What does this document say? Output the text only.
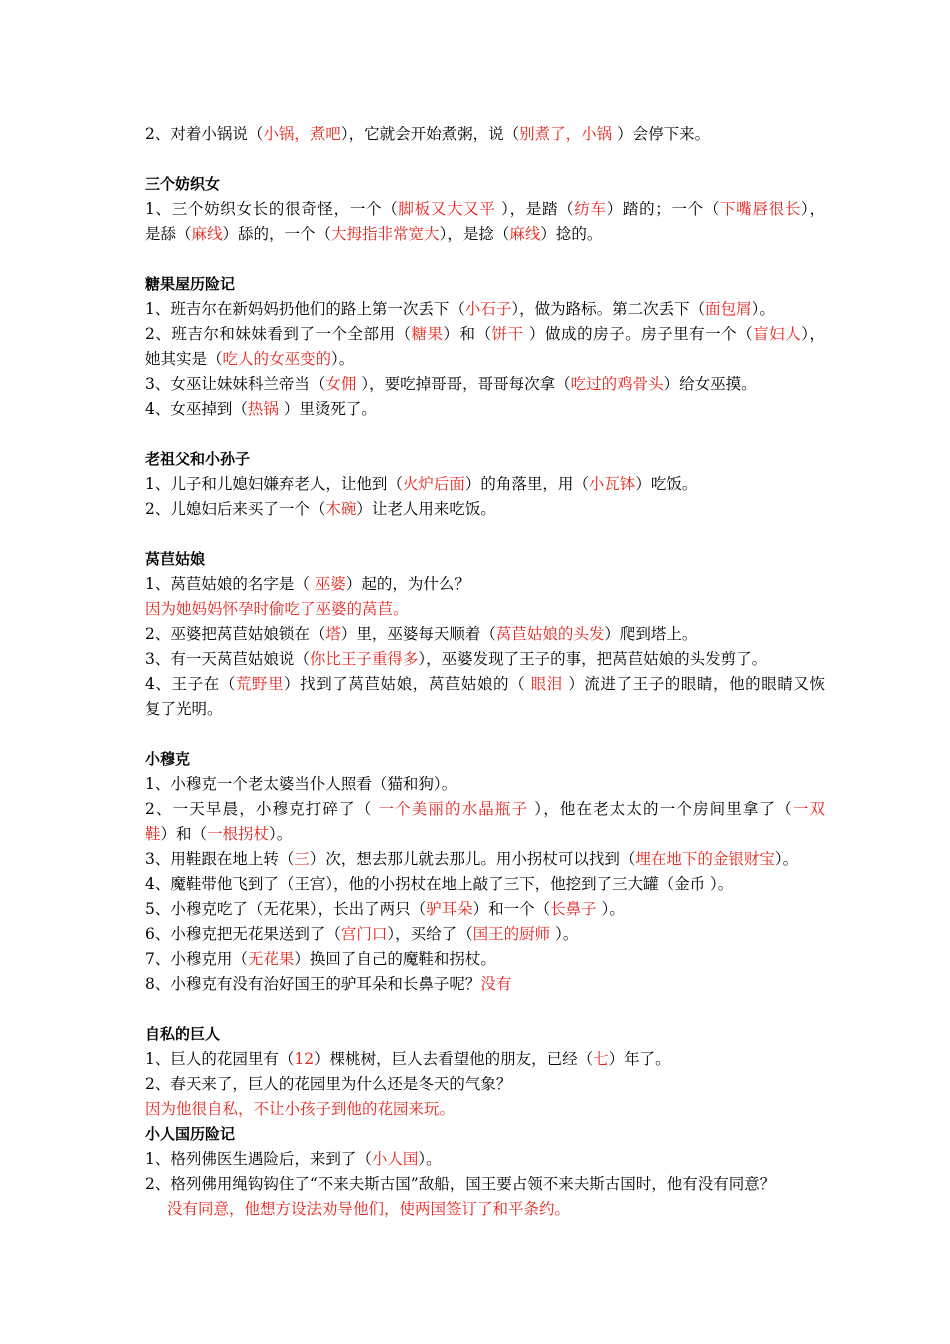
2、对着小锅说（小锅，煮吧），它就会开始煮粥，说（别煮了，小锅 ）会停下来。
三个妨织女
1、三个妨织女长的很奇怪，一个（脚板又大又平 ），是踏（纺车）踏的；一个（下嘴唇很长），
是舔（麻线）舔的，一个（大拇指非常宽大），是捻（麻线）捻的。
糖果屋历险记
1、班吉尔在新妈妈扔他们的路上第一次丢下（小石子），做为路标。第二次丢下（面包屑）。
2、班吉尔和妹妹看到了一个全部用（糖果）和（饼干 ）做成的房子。房子里有一个（盲妇人），
她其实是（吃人的女巫变的）。
3、女巫让妹妹科兰帝当（女佣 ），要吃掉哥哥，哥哥每次拿（吃过的鸡骨头）给女巫摸。
4、女巫掉到（热锅 ）里烫死了。
老祖父和小孙子
1、儿子和儿媳妇嫌弃老人，让他到（火炉后面）的角落里，用（小瓦钵）吃饭。
2、儿媳妇后来买了一个（木碗）让老人用来吃饭。
莴苣姑娘
1、莴苣姑娘的名字是（ 巫婆）起的，为什么？
因为她妈妈怀孕时偷吃了巫婆的莴苣。
2、巫婆把莴苣姑娘锁在（塔）里，巫婆每天顺着（莴苣姑娘的头发）爬到塔上。
3、有一天莴苣姑娘说（你比王子重得多），巫婆发现了王子的事，把莴苣姑娘的头发剪了。
4、王子在（荒野里）找到了莴苣姑娘，莴苣姑娘的（ 眼泪 ）流进了王子的眼睛，他的眼睛又恢
复了光明。
小穆克
1、小穆克一个老太婆当仆人照看（猫和狗）。
2、一天早晨，小穆克打碎了（ 一个美丽的水晶瓶子 ），他在老太太的一个房间里拿了（一双
鞋）和（一根拐杖）。
3、用鞋跟在地上转（三）次，想去那儿就去那儿。用小拐杖可以找到（埋在地下的金银财宝）。
4、魔鞋带他飞到了（王宫），他的小拐杖在地上敲了三下，他挖到了三大罐（金币 ）。
5、小穆克吃了（无花果），长出了两只（驴耳朵）和一个（长鼻子 ）。
6、小穆克把无花果送到了（宫门口），买给了（国王的厨师 ）。
7、小穆克用（无花果）换回了自己的魔鞋和拐杖。
8、小穆克有没有治好国王的驴耳朵和长鼻子呢？没有
自私的巨人
1、巨人的花园里有（12）棵桃树，巨人去看望他的朋友，已经（七）年了。
2、春天来了，巨人的花园里为什么还是冬天的气象？
因为他很自私，不让小孩子到他的花园来玩。
小人国历险记
1、格列佛医生遇险后，来到了（小人国）。
2、格列佛用绳钩钩住了“不来夫斯古国”敌船，国王要占领不来夫斯古国时，他有没有同意？
没有同意，他想方设法劝导他们，使两国签订了和平条约。
